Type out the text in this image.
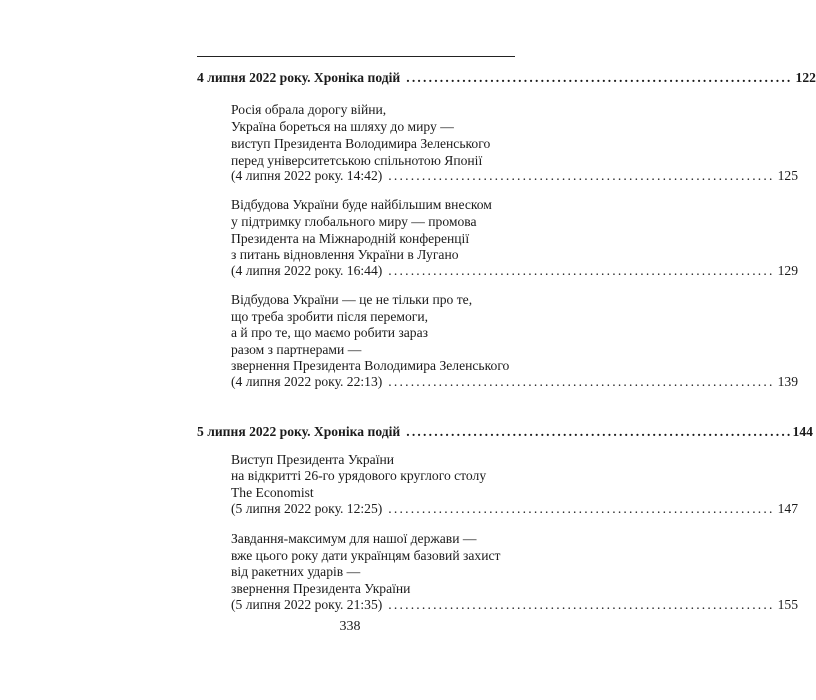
4 липня 2022 року. Хроніка подій ..................................................................... 122
Росія обрала дорогу війни,
Україна бореться на шляху до миру —
виступ Президента Володимира Зеленського
перед університетською спільнотою Японії
(4 липня 2022 року. 14:42) ..................................................................... 125
Відбудова України буде найбільшим внеском
у підтримку глобального миру — промова
Президента на Міжнародній конференції
з питань відновлення України в Лугано
(4 липня 2022 року. 16:44) ..................................................................... 129
Відбудова України — це не тільки про те,
що треба зробити після перемоги,
а й про те, що маємо робити зараз
разом з партнерами —
звернення Президента Володимира Зеленського
(4 липня 2022 року. 22:13) ..................................................................... 139
5 липня 2022 року. Хроніка подій ..................................................................... 144
Виступ Президента України
на відкритті 26-го урядового круглого столу
The Economist
(5 липня 2022 року. 12:25) ..................................................................... 147
Завдання-максимум для нашої держави —
вже цього року дати українцям базовий захист
від ракетних ударів —
звернення Президента України
(5 липня 2022 року. 21:35) ..................................................................... 155
338
